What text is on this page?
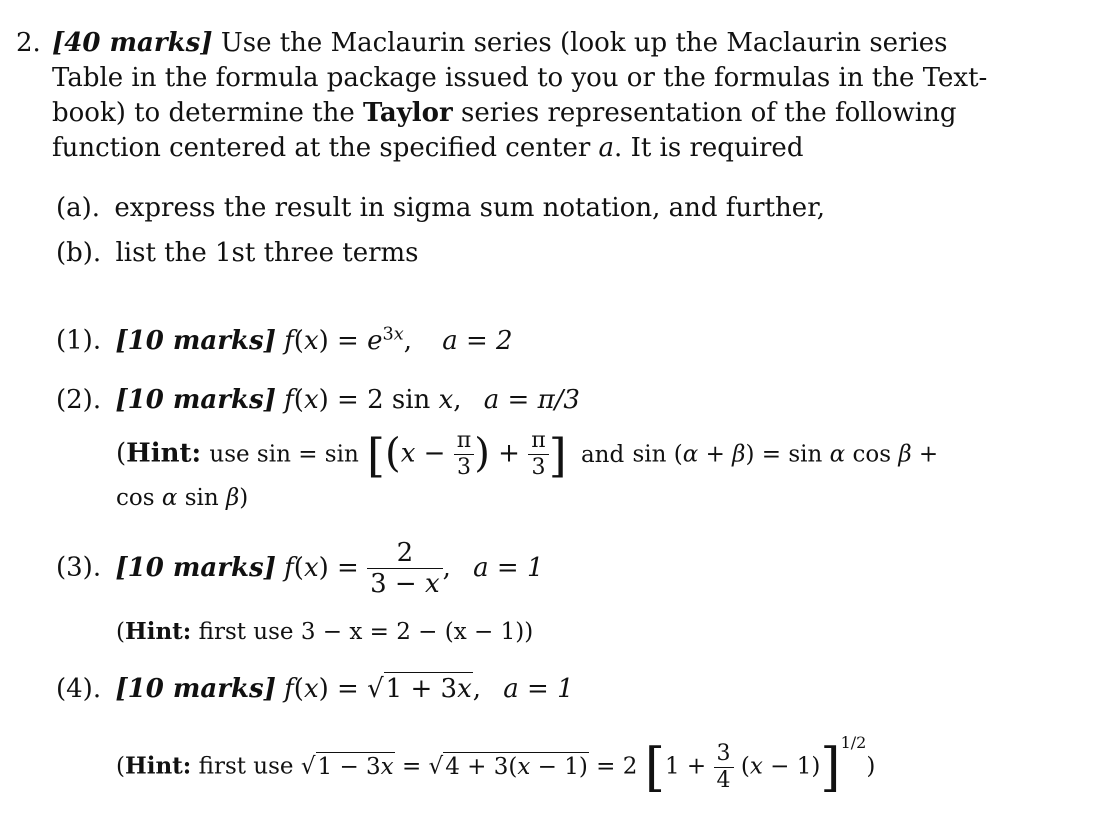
2. [40 marks] Use the Maclaurin series (look up the Maclaurin series
Table in the formula package issued to you or the formulas in the Text-
book) to determine the Taylor series representation of the following
function centered at the specified center a. It is required
(a). express the result in sigma sum notation, and further,
(b). list the 1st three terms
(1). [10 marks] $f(x) = e^{3x}$, a = 2
(2). [10 marks] f(x) = 2 sin x, a = π/3
(Hint: use $\sin = \sin [(x - \frac{\pi}{3}$ ) + $\frac{\pi}{3}$ ] and sin (α + β) = sin α cos β +
cos α sin β)
(3). [10 marks] $f(x) = \frac{2}{3 - x}$ , a = 1
(Hint: first use 3 − x = 2 − (x − 1))
(4). [10 marks] f(x) = √1 + 3x, a = 1
(Hint: first use √1 − 3x = √4 + 3(x − 1) = 2 $[1 + \frac{3}{4} (x - 1)]^{1/2}$)
